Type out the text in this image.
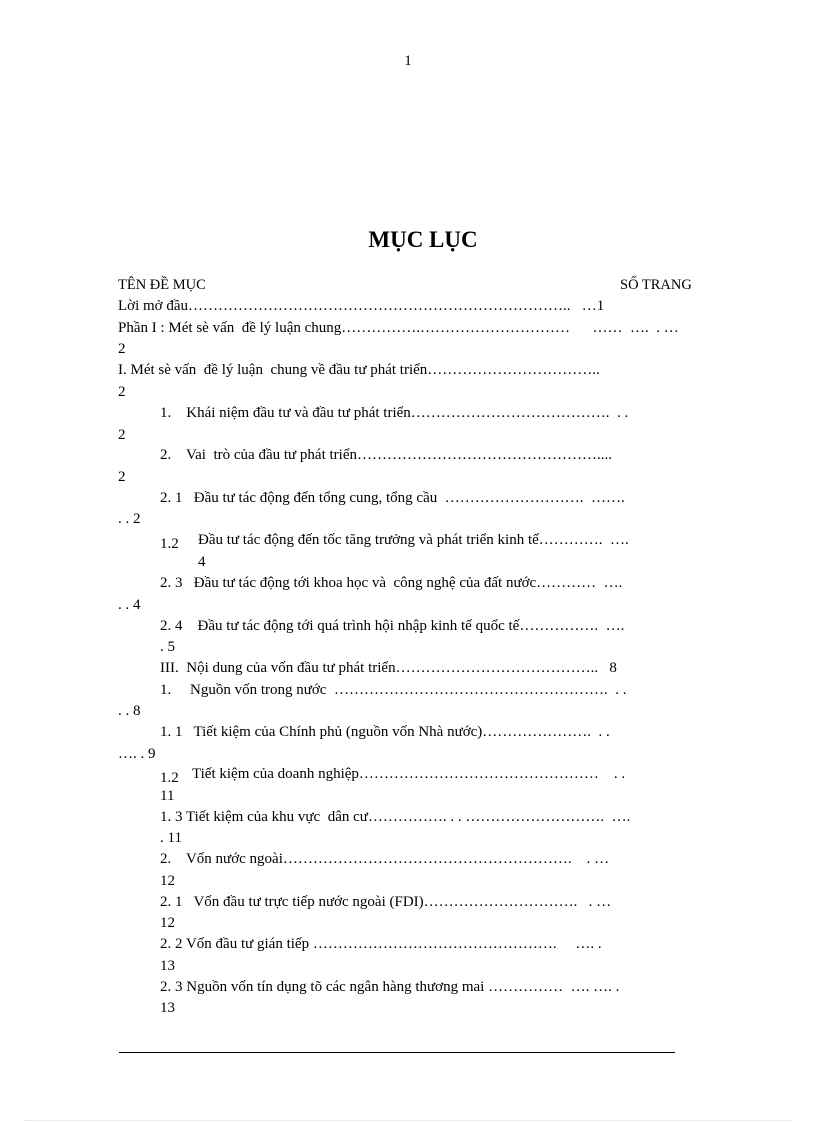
1
MỤC LỤC
TÊN ĐỀ MỤC	SỐ TRANG
Lời mở đầu…………………………………………………………………..   …1
Phần I : Mét sè vấn  đề lý luận chung…………….…………………………      ……  ….  . …
2
I. Mét sè vấn  đề lý luận  chung về đầu tư phát triển……………………………..
2
1.    Khái niệm đầu tư và đầu tư phát triển………………………………….  . .
2
2.    Vai  trò của đầu tư phát triển…………………………………………....
2
2. 1   Đầu tư tác động đến tổng cung, tổng cầu  ……………………….  …….
. . 2
1.2 Đầu tư tác động đến tốc tăng trưởng và phát triển kinh tế………….  ….
4
2. 3   Đầu tư tác động tới khoa học và  công nghệ của đất nước…………  ….
. . 4
2. 4    Đầu tư tác động tới quá trình hội nhập kinh tế quốc tế…………….  ….
. 5
III.  Nội dung của vốn đầu tư phát triển…………………………………..   8
1.     Nguồn vốn trong nước  ……………………………………………….  . .
. . 8
1. 1   Tiết kiệm của Chính phủ (nguồn vốn Nhà nước)………………….  . .
…. . 9
1.2 Tiết kiệm của doanh nghiệp…………………………………………    . .
11
1. 3 Tiết kiệm của khu vực  dân cư……………. . . ……………………….  ….
. 11
2.    Vốn nước ngoài………………………………………………….    . …
12
2. 1   Vốn đầu tư trực tiếp nước ngoài (FDI)………………………….   . …
12
2. 2 Vốn đầu tư gián tiếp ………………………………………….     …. .
13
2. 3 Nguồn vốn tín dụng tõ các ngân hàng thương mai ……………  …. …. .
13
